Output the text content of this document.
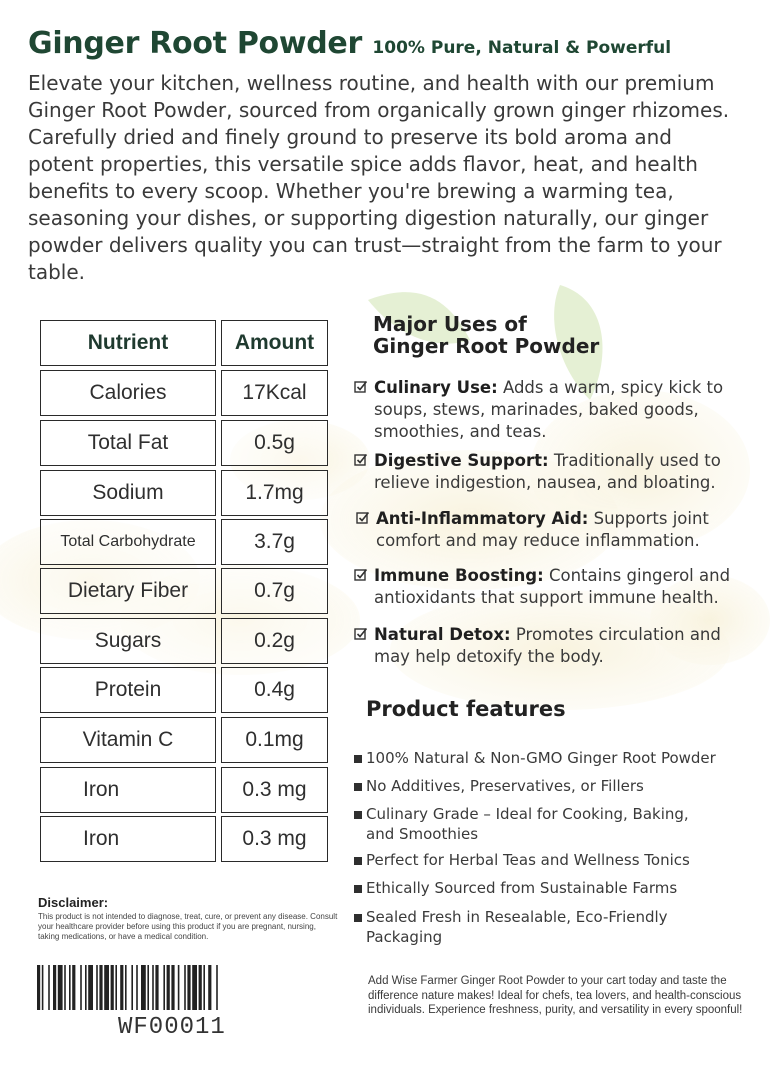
Ginger Root Powder 100% Pure, Natural & Powerful

Elevate your kitchen, wellness routine, and health with our premium Ginger Root Powder, sourced from organically grown ginger rhizomes. Carefully dried and finely ground to preserve its bold aroma and potent properties, this versatile spice adds flavor, heat, and health benefits to every scoop. Whether you're brewing a warming tea, seasoning your dishes, or supporting digestion naturally, our ginger powder delivers quality you can trust—straight from the farm to your table.

Nutrient	Amount
Calories	17Kcal
Total Fat	0.5g
Sodium	1.7mg
Total Carbohydrate	3.7g
Dietary Fiber	0.7g
Sugars	0.2g
Protein	0.4g
Vitamin C	0.1mg
Iron	0.3 mg
Iron	0.3 mg
Major Uses of
Ginger Root Powder
Culinary Use: Adds a warm, spicy kick to soups, stews, marinades, baked goods, smoothies, and teas.
Digestive Support: Traditionally used to relieve indigestion, nausea, and bloating.
Anti-Inflammatory Aid: Supports joint comfort and may reduce inflammation.
Immune Boosting: Contains gingerol and antioxidants that support immune health.
Natural Detox: Promotes circulation and may help detoxify the body.
Product features
100% Natural & Non-GMO Ginger Root Powder
No Additives, Preservatives, or Fillers
Culinary Grade – Ideal for Cooking, Baking, and Smoothies
Perfect for Herbal Teas and Wellness Tonics
Ethically Sourced from Sustainable Farms
Sealed Fresh in Resealable, Eco-Friendly Packaging
Disclaimer:

This product is not intended to diagnose, treat, cure, or prevent any disease. Consult your healthcare provider before using this product if you are pregnant, nursing, taking medications, or have a medical condition.

WF00011

Add Wise Farmer Ginger Root Powder to your cart today and taste the difference nature makes! Ideal for chefs, tea lovers, and health-conscious individuals. Experience freshness, purity, and versatility in every spoonful!
